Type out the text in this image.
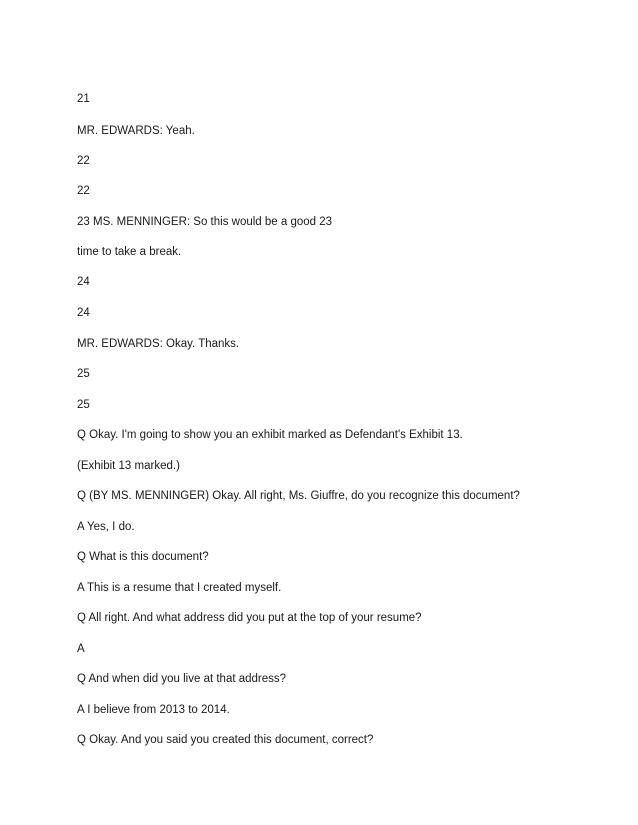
21
MR. EDWARDS: Yeah.
22
22
23 MS. MENNINGER: So this would be a good 23
time to take a break.
24
24
MR. EDWARDS: Okay. Thanks.
25
25
Q Okay. I'm going to show you an exhibit marked as Defendant's Exhibit 13.
(Exhibit 13 marked.)
Q (BY MS. MENNINGER) Okay. All right, Ms. Giuffre, do you recognize this document?
A Yes, I do.
Q What is this document?
A This is a resume that I created myself.
Q All right. And what address did you put at the top of your resume?
A
Q And when did you live at that address?
A I believe from 2013 to 2014.
Q Okay. And you said you created this document, correct?
